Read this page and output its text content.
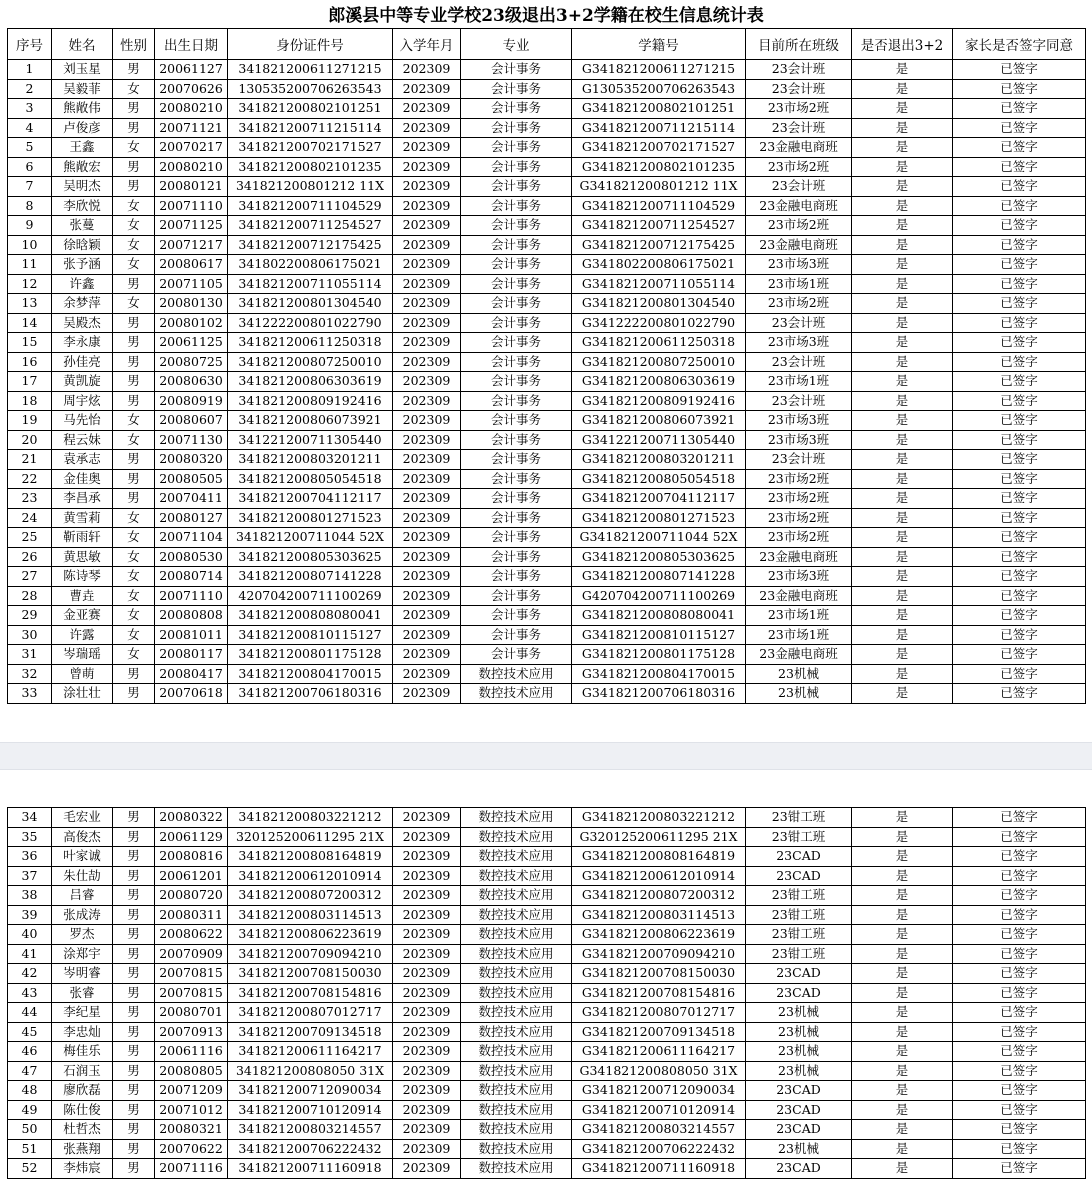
郎溪县中等专业学校23级退出3+2学籍在校生信息统计表
序号	姓名	性别	出生日期	身份证件号	入学年月	专业	学籍号	目前所在班级	是否退出3+2	家长是否签字同意
1	刘玉星	男	20061127	341821200611271215	202309	会计事务	G341821200611271215	23会计班	是	已签字
2	吴毅菲	女	20070626	130535200706263543	202309	会计事务	G130535200706263543	23会计班	是	已签字
3	熊敞伟	男	20080210	341821200802101251	202309	会计事务	G341821200802101251	23市场2班	是	已签字
4	卢俊彦	男	20071121	341821200711215114	202309	会计事务	G341821200711215114	23会计班	是	已签字
5	王鑫	女	20070217	341821200702171527	202309	会计事务	G341821200702171527	23金融电商班	是	已签字
6	熊敞宏	男	20080210	341821200802101235	202309	会计事务	G341821200802101235	23市场2班	是	已签字
7	吴明杰	男	20080121	341821200801212 11X	202309	会计事务	G341821200801212 11X	23会计班	是	已签字
8	李欣悦	女	20071110	341821200711104529	202309	会计事务	G341821200711104529	23金融电商班	是	已签字
9	张蔓	女	20071125	341821200711254527	202309	会计事务	G341821200711254527	23市场2班	是	已签字
10	徐晗颖	女	20071217	341821200712175425	202309	会计事务	G341821200712175425	23金融电商班	是	已签字
11	张予涵	女	20080617	341802200806175021	202309	会计事务	G341802200806175021	23市场3班	是	已签字
12	许鑫	男	20071105	341821200711055114	202309	会计事务	G341821200711055114	23市场1班	是	已签字
13	余梦萍	女	20080130	341821200801304540	202309	会计事务	G341821200801304540	23市场2班	是	已签字
14	吴殿杰	男	20080102	341222200801022790	202309	会计事务	G341222200801022790	23会计班	是	已签字
15	李永康	男	20061125	341821200611250318	202309	会计事务	G341821200611250318	23市场3班	是	已签字
16	孙佳亮	男	20080725	341821200807250010	202309	会计事务	G341821200807250010	23会计班	是	已签字
17	黄凯旋	男	20080630	341821200806303619	202309	会计事务	G341821200806303619	23市场1班	是	已签字
18	周宇炫	男	20080919	341821200809192416	202309	会计事务	G341821200809192416	23会计班	是	已签字
19	马先怡	女	20080607	341821200806073921	202309	会计事务	G341821200806073921	23市场3班	是	已签字
20	程云妹	女	20071130	341221200711305440	202309	会计事务	G341221200711305440	23市场3班	是	已签字
21	袁承志	男	20080320	341821200803201211	202309	会计事务	G341821200803201211	23会计班	是	已签字
22	金佳奥	男	20080505	341821200805054518	202309	会计事务	G341821200805054518	23市场2班	是	已签字
23	李昌承	男	20070411	341821200704112117	202309	会计事务	G341821200704112117	23市场2班	是	已签字
24	黄雪莉	女	20080127	341821200801271523	202309	会计事务	G341821200801271523	23市场2班	是	已签字
25	靳雨轩	女	20071104	341821200711044 52X	202309	会计事务	G341821200711044 52X	23市场2班	是	已签字
26	黄思敏	女	20080530	341821200805303625	202309	会计事务	G341821200805303625	23金融电商班	是	已签字
27	陈诗琴	女	20080714	341821200807141228	202309	会计事务	G341821200807141228	23市场3班	是	已签字
28	曹垚	女	20071110	420704200711100269	202309	会计事务	G420704200711100269	23金融电商班	是	已签字
29	金亚赛	女	20080808	341821200808080041	202309	会计事务	G341821200808080041	23市场1班	是	已签字
30	许露	女	20081011	341821200810115127	202309	会计事务	G341821200810115127	23市场1班	是	已签字
31	岑瑞瑶	女	20080117	341821200801175128	202309	会计事务	G341821200801175128	23金融电商班	是	已签字
32	曾萌	男	20080417	341821200804170015	202309	数控技术应用	G341821200804170015	23机械	是	已签字
33	涂壮壮	男	20070618	341821200706180316	202309	数控技术应用	G341821200706180316	23机械	是	已签字
34	毛宏业	男	20080322	341821200803221212	202309	数控技术应用	G341821200803221212	23钳工班	是	已签字
35	高俊杰	男	20061129	320125200611295 21X	202309	数控技术应用	G320125200611295 21X	23钳工班	是	已签字
36	叶家诚	男	20080816	341821200808164819	202309	数控技术应用	G341821200808164819	23CAD	是	已签字
37	朱仕劼	男	20061201	341821200612010914	202309	数控技术应用	G341821200612010914	23CAD	是	已签字
38	吕睿	男	20080720	341821200807200312	202309	数控技术应用	G341821200807200312	23钳工班	是	已签字
39	张成涛	男	20080311	341821200803114513	202309	数控技术应用	G341821200803114513	23钳工班	是	已签字
40	罗杰	男	20080622	341821200806223619	202309	数控技术应用	G341821200806223619	23钳工班	是	已签字
41	涂郑宇	男	20070909	341821200709094210	202309	数控技术应用	G341821200709094210	23钳工班	是	已签字
42	岑明睿	男	20070815	341821200708150030	202309	数控技术应用	G341821200708150030	23CAD	是	已签字
43	张睿	男	20070815	341821200708154816	202309	数控技术应用	G341821200708154816	23CAD	是	已签字
44	李纪星	男	20080701	341821200807012717	202309	数控技术应用	G341821200807012717	23机械	是	已签字
45	李忠灿	男	20070913	341821200709134518	202309	数控技术应用	G341821200709134518	23机械	是	已签字
46	梅佳乐	男	20061116	341821200611164217	202309	数控技术应用	G341821200611164217	23机械	是	已签字
47	石润玉	男	20080805	341821200808050 31X	202309	数控技术应用	G341821200808050 31X	23机械	是	已签字
48	廖欣磊	男	20071209	341821200712090034	202309	数控技术应用	G341821200712090034	23CAD	是	已签字
49	陈仕俊	男	20071012	341821200710120914	202309	数控技术应用	G341821200710120914	23CAD	是	已签字
50	杜哲杰	男	20080321	341821200803214557	202309	数控技术应用	G341821200803214557	23CAD	是	已签字
51	张燕翔	男	20070622	341821200706222432	202309	数控技术应用	G341821200706222432	23机械	是	已签字
52	李炜宸	男	20071116	341821200711160918	202309	数控技术应用	G341821200711160918	23CAD	是	已签字
